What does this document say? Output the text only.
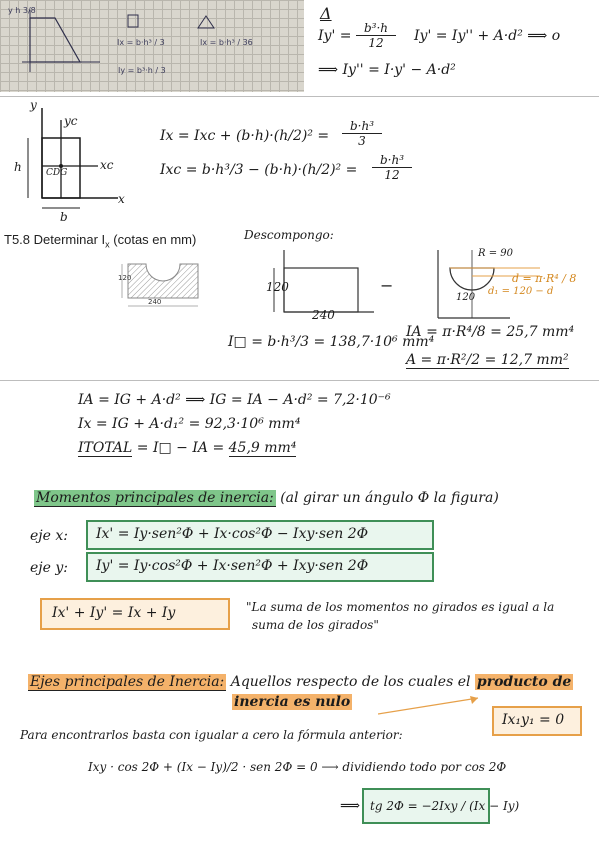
Ix = b·h³ / 3
Iy = b³·h / 3
Ix = b·h³ / 36
y h 3/8	Δ
$Iy' = \frac{\text{b³·h}}{12} Iy' = Iy'' + A\cdot d^2$ ⟹ o
⟹ Iy'' = I·y' − A·d²
y
yc
xc
x
h
b
CDG
Ix = Ixc + $(b\cdot h)\cdot(h/2)^2 = \frac{\text{b·h³}}{3}$
Ixc = $b\cdot h^3/3 - (b\cdot h)\cdot(h/2)^2 = \frac{\text{b·h³}}{12}$
T5.8 Determinar $I_x$ (cotas en mm)	Descompongo:
120
240
120
240
−
R = 90
d₁ = 120 − d
d = π·R⁴ / 8
120
I□ = b·h³/3 = 138,7·10⁶ mm⁴
IA = π·R⁴/8 = 25,7 mm⁴
A = π·R²/2 = 12,7 mm²
IA = IG + A·d² ⟹ IG = IA − A·d² = 7,2·10⁻⁶
Ix = IG + A·d₁² = 92,3·10⁶ mm⁴
ITOTAL = I□ − IA = 45,9 mm⁴
Momentos principales de inercia: (al girar un ángulo Φ la figura)
eje x: Ix' = Iy·sen²Φ + Ix·cos²Φ − Ixy·sen 2Φ
eje y: Iy' = Iy·cos²Φ + Ix·sen²Φ + Ixy·sen 2Φ
Ix' + Iy' = Ix + Iy	"La suma de los momentos no girados es igual a la
suma de los girados"
Ejes principales de Inercia: Aquellos respecto de los cuales el producto de
inercia es nulo
Ix₁y₁ = 0
Para encontrarlos basta con igualar a cero la fórmula anterior:
Ixy · cos 2Φ + (Ix − Iy)/2 · sen 2Φ = 0 ⟶ dividiendo todo por cos 2Φ
⟹ tg 2Φ = −2Ixy / (Ix − Iy)
